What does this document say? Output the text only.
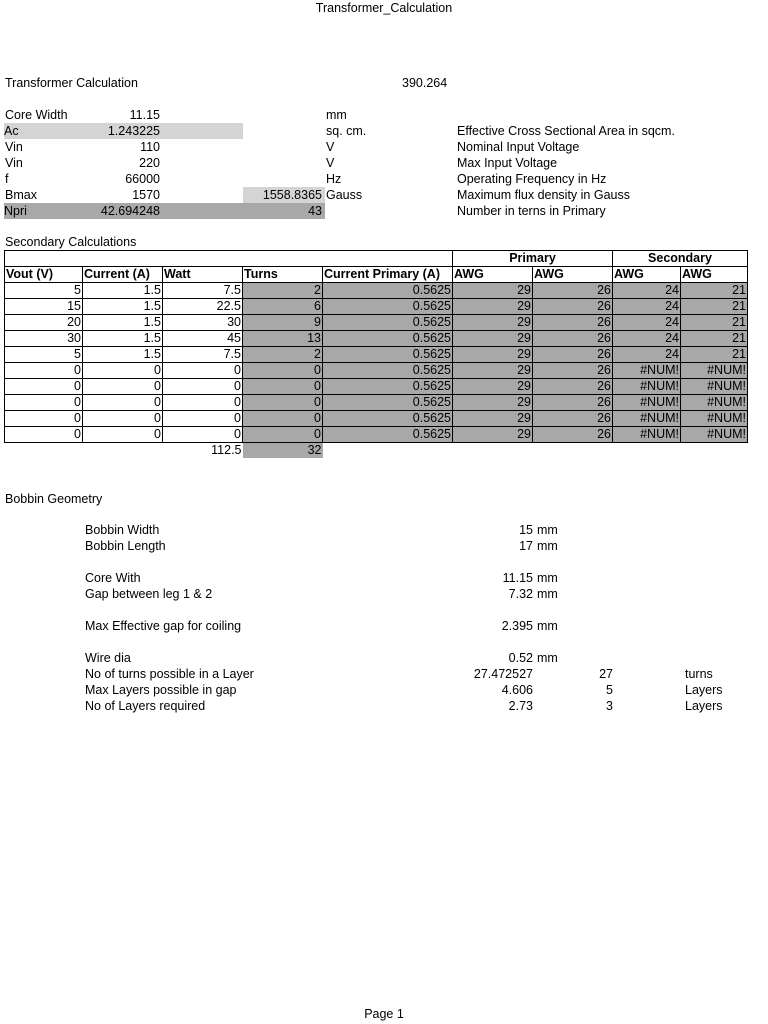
Transformer_Calculation
Transformer Calculation	390.264
Core Width	11.15	mm
Ac	1.243225	sq. cm.	Effective Cross Sectional Area in sqcm.
Vin	110	V	Nominal Input Voltage
Vin	220	V	Max Input Voltage
f	66000	Hz	Operating Frequency in Hz
Bmax	1570	1558.8365 Gauss	Maximum flux density in Gauss
Npri	42.694248	43	Number in terns in Primary
Secondary Calculations
					Primary		Secondary	
Vout (V)	Current (A)	Watt	Turns	Current Primary (A)	AWG	AWG	AWG	AWG
5	1.5	7.5	2	0.5625	29	26	24	21
15	1.5	22.5	6	0.5625	29	26	24	21
20	1.5	30	9	0.5625	29	26	24	21
30	1.5	45	13	0.5625	29	26	24	21
5	1.5	7.5	2	0.5625	29	26	24	21
0	0	0	0	0.5625	29	26	#NUM!	#NUM!
0	0	0	0	0.5625	29	26	#NUM!	#NUM!
0	0	0	0	0.5625	29	26	#NUM!	#NUM!
0	0	0	0	0.5625	29	26	#NUM!	#NUM!
0	0	0	0	0.5625	29	26	#NUM!	#NUM!
		112.5	32					
Bobbin Geometry
Bobbin Width	15 mm
Bobbin Length	17 mm
Core With	11.15 mm
Gap between leg 1 & 2	7.32 mm
Max Effective gap for coiling	2.395 mm
Wire dia	0.52 mm
No of turns possible in a Layer	27.472527	27	turns
Max Layers possible in gap	4.606	5	Layers
No of Layers required	2.73	3	Layers
Page 1
